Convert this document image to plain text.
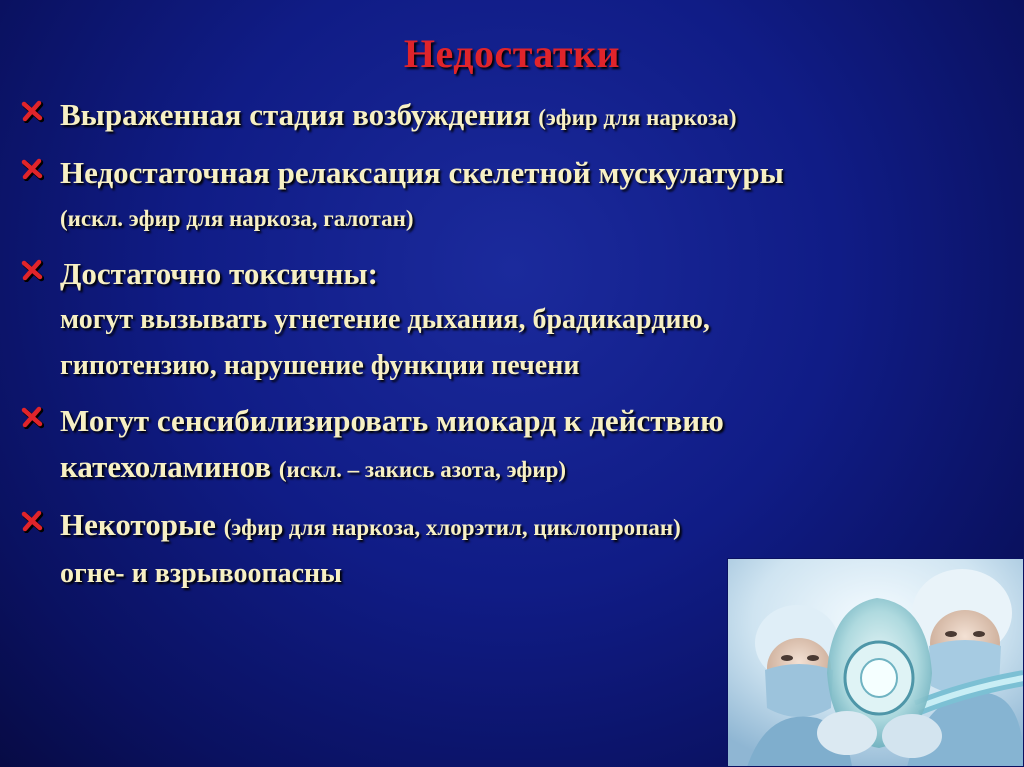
Недостатки
Выраженная стадия возбуждения (эфир для наркоза)
Недостаточная релаксация скелетной мускулатуры
(искл. эфир для наркоза, галотан)
Достаточно токсичны:
могут вызывать угнетение дыхания, брадикардию,
гипотензию, нарушение функции печени
Могут сенсибилизировать миокард к действию
катехоламинов (искл. – закись азота, эфир)
Некоторые (эфир для наркоза, хлорэтил, циклопропан)
огне- и взрывоопасны
